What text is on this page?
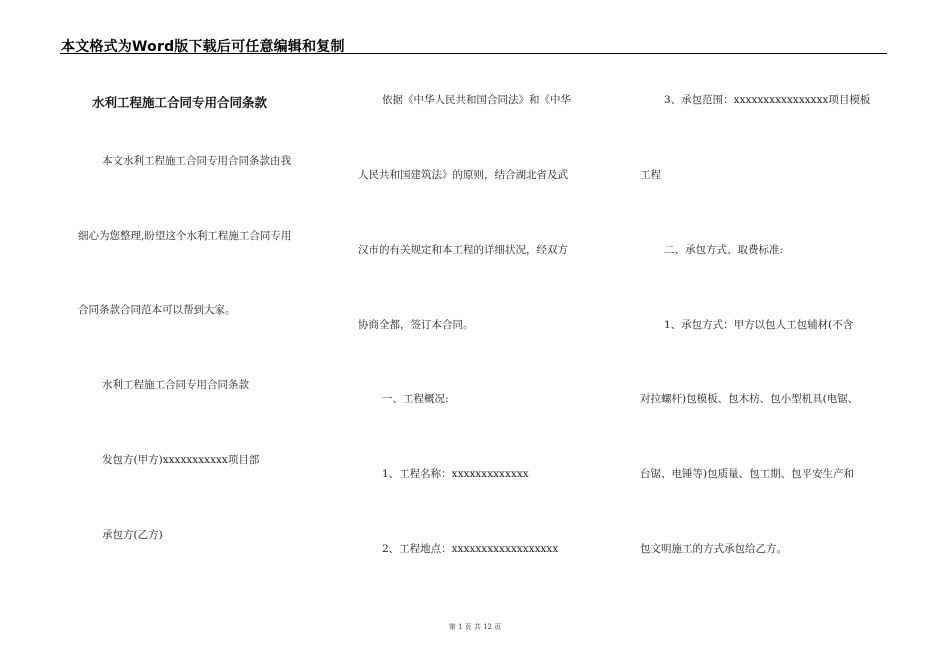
本文格式为Word版下载后可任意编辑和复制
水利工程施工合同专用合同条款
本文水利工程施工合同专用合同条款由我
细心为您整理,盼望这个水利工程施工合同专用
合同条款合同范本可以帮到大家。
水利工程施工合同专用合同条款
发包方(甲方)xxxxxxxxxxx项目部
承包方(乙方)
依据《中华人民共和国合同法》和《中华
人民共和国建筑法》的原则，结合湖北省及武
汉市的有关规定和本工程的详细状况，经双方
协商全都，签订本合同。
一、工程概况:
1、工程名称：xxxxxxxxxxxxx
2、工程地点：xxxxxxxxxxxxxxxxxx
3、承包范围：xxxxxxxxxxxxxxxx项目模板
工程
二、承包方式、取费标准:
1、承包方式：甲方以包人工包辅材(不含
对拉螺杆)包模板、包木枋、包小型机具(电锯、
台锯、电锤等)包质量、包工期、包平安生产和
包文明施工的方式承包给乙方。
第 1 页 共 12 页
